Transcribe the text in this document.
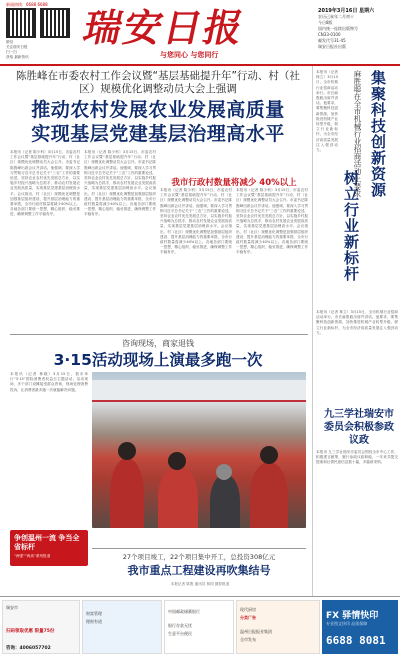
新闻热线：6688 6688
微信
关注瑞安日报
扫一扫
获取 最新资讯
瑞安日报
与您同心 与您同行
2019年3月16日 星期六
农历己亥年二月初十
今日8版
国内统一连续出版物号
CN33-0100
邮发代号31-45
瑞安日报社出版
陈胜峰在市委农村工作会议暨“基层基础提升年”行动、村（社区）规模优化调整动员大会上强调
推动农村发展农业发展高质量
实现基层党建基层治理高水平
本报讯（记者 陈少科）3月15日，市委农村工作会议暨“基层基础提升年”行动、村（社区）规模优化调整动员大会召开。市委书记陈胜峰出席会议并讲话。他强调，要深入学习贯彻习近平总书记关于“三农”工作的重要论述，坚持农业农村优先发展总方针，以实施乡村振兴战略为总抓手，推动农村发展农业发展高质量，实现基层党建基层治理高水平。会议指出，村（社区）规模优化调整是加强基层组织建设、提升基层治理能力的重要举措，全市行政村数量将减少40%以上。各地各部门要统一思想，精心组织，稳妥推进，确保调整工作平稳有序。
本报讯（记者 陈少科）3月15日，市委农村工作会议暨“基层基础提升年”行动、村（社区）规模优化调整动员大会召开。市委书记陈胜峰出席会议并讲话。他强调，要深入学习贯彻习近平总书记关于“三农”工作的重要论述，坚持农业农村优先发展总方针，以实施乡村振兴战略为总抓手，推动农村发展农业发展高质量，实现基层党建基层治理高水平。会议指出，村（社区）规模优化调整是加强基层组织建设、提升基层治理能力的重要举措，全市行政村数量将减少40%以上。各地各部门要统一思想，精心组织，稳妥推进，确保调整工作平稳有序。
我市行政村数量将减少 40%以上
本报讯（记者 陈少科）3月15日，市委农村工作会议暨“基层基础提升年”行动、村（社区）规模优化调整动员大会召开。市委书记陈胜峰出席会议并讲话。他强调，要深入学习贯彻习近平总书记关于“三农”工作的重要论述，坚持农业农村优先发展总方针，以实施乡村振兴战略为总抓手，推动农村发展农业发展高质量，实现基层党建基层治理高水平。会议指出，村（社区）规模优化调整是加强基层组织建设、提升基层治理能力的重要举措，全市行政村数量将减少40%以上。各地各部门要统一思想，精心组织，稳妥推进，确保调整工作平稳有序。
本报讯（记者 陈少科）3月15日，市委农村工作会议暨“基层基础提升年”行动、村（社区）规模优化调整动员大会召开。市委书记陈胜峰出席会议并讲话。他强调，要深入学习贯彻习近平总书记关于“三农”工作的重要论述，坚持农业农村优先发展总方针，以实施乡村振兴战略为总抓手，推动农村发展农业发展高质量，实现基层党建基层治理高水平。会议指出，村（社区）规模优化调整是加强基层组织建设、提升基层治理能力的重要举措，全市行政村数量将减少40%以上。各地各部门要统一思想，精心组织，稳妥推进，确保调整工作平稳有序。
本报讯（记者 林立）3月15日，全市机械行业招商活动举行。市长麻胜聪出席并讲话。他要求，要集聚科技创新资源，加快推进机械产业转型升级，树立行业新标杆，为全市经济高质量发展注入强劲动力。	麻胜聪在全市机械行业招商活动上要求 集聚科技创新资源
树立行业新标杆
本报讯（记者 林立）3月15日，全市机械行业招商活动举行。市长麻胜聪出席并讲话。他要求，要集聚科技创新资源，加快推进机械产业转型升级，树立行业新标杆，为全市经济高质量发展注入强劲动力。
九三学社瑞安市委员会积极参政议政
本报讯 九三学社瑞安市委员会围绕全市中心工作，积极建言献策，履行参政议政职能，一年来共提交提案和社情民意信息数十篇，多篇被采纳。
咨询现场，商家退钱
3·15活动现场上演最多跑一次
本报讯（记者 林晓）3月15日，我市举行“3·15”国际消费者权益日主题活动。活动现场，多个部门设摊接受群众咨询，现场处理消费投诉，让消费者最多跑一次就能解决问题。
争创温州一流 争当全省标杆
“两强”“两高”系列报道	27个项目竣工，22个项目集中开工，总投资308亿元
我市重点工程建设再吹集结号
本报记者 陈胜 通讯员 林国 摄影报道
瑞安市
扫码领取优惠 限量75份
咨询：4006057702
财富管理
理财有道
中国邮政储蓄银行
银行存款无忧
生意平台便民
现代厨房
分类广告
温州日报报业集团
全市发布
FX 驿情快印
专业图文快印 品质保障
6688 8081
